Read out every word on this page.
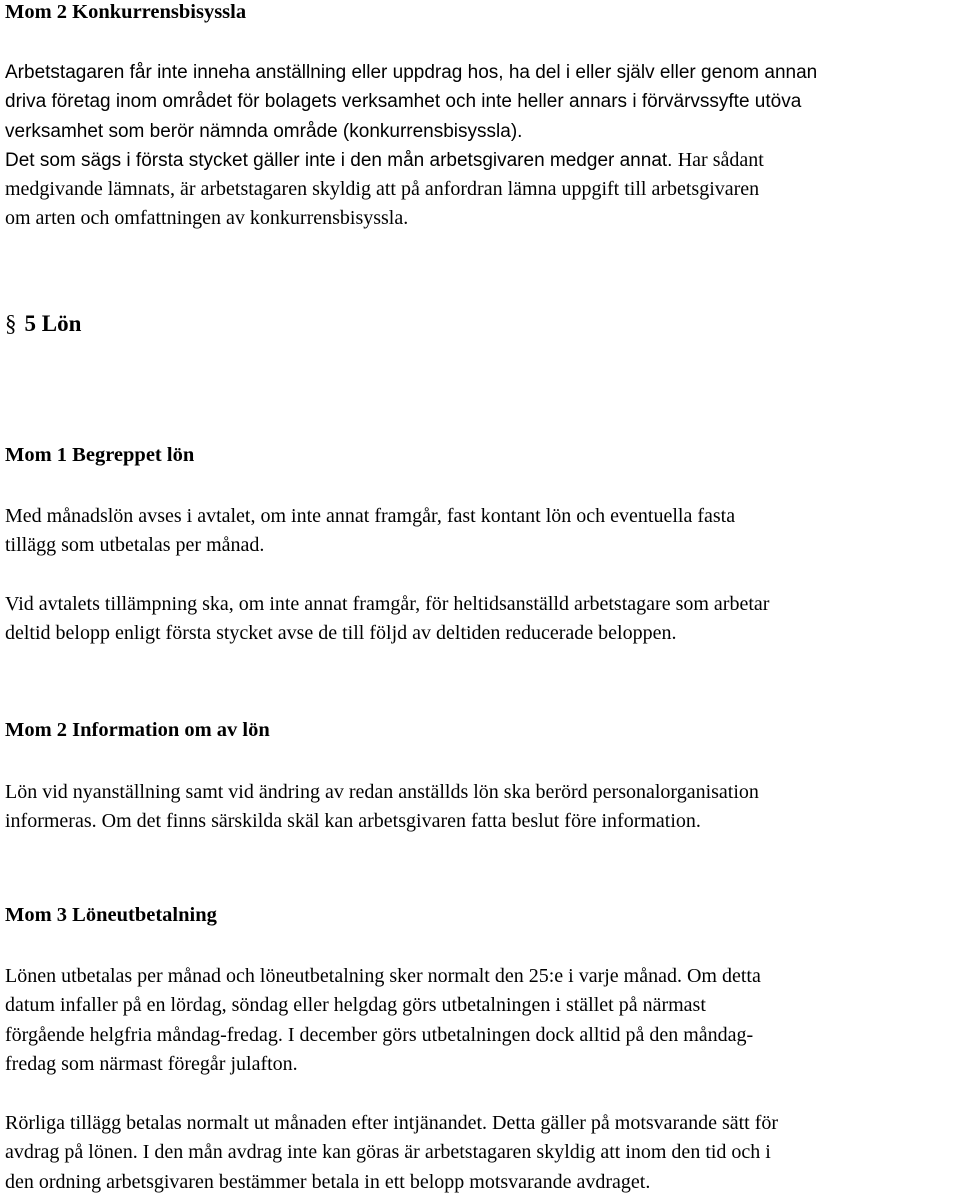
Mom 2 Konkurrensbisyssla
Arbetstagaren får inte inneha anställning eller uppdrag hos, ha del i eller själv eller genom annan
driva företag inom området för bolagets verksamhet och inte heller annars i förvärvssyfte utöva
verksamhet som berör nämnda område (konkurrensbisyssla).
Det som sägs i första stycket gäller inte i den mån arbetsgivaren medger annat. Har sådant
medgivande lämnats, är arbetstagaren skyldig att på anfordran lämna uppgift till arbetsgivaren
om arten och omfattningen av konkurrensbisyssla.
§ 5 Lön
Mom 1 Begreppet lön
Med månadslön avses i avtalet, om inte annat framgår, fast kontant lön och eventuella fasta
tillägg som utbetalas per månad.
Vid avtalets tillämpning ska, om inte annat framgår, för heltidsanställd arbetstagare som arbetar
deltid belopp enligt första stycket avse de till följd av deltiden reducerade beloppen.
Mom 2 Information om av lön
Lön vid nyanställning samt vid ändring av redan anställds lön ska berörd personalorganisation
informeras. Om det finns särskilda skäl kan arbetsgivaren fatta beslut före information.
Mom 3 Löneutbetalning
Lönen utbetalas per månad och löneutbetalning sker normalt den 25:e i varje månad. Om detta
datum infaller på en lördag, söndag eller helgdag görs utbetalningen i stället på närmast
förgående helgfria måndag-fredag. I december görs utbetalningen dock alltid på den måndag-
fredag som närmast föregår julafton.
Rörliga tillägg betalas normalt ut månaden efter intjänandet. Detta gäller på motsvarande sätt för
avdrag på lönen. I den mån avdrag inte kan göras är arbetstagaren skyldig att inom den tid och i
den ordning arbetsgivaren bestämmer betala in ett belopp motsvarande avdraget.
